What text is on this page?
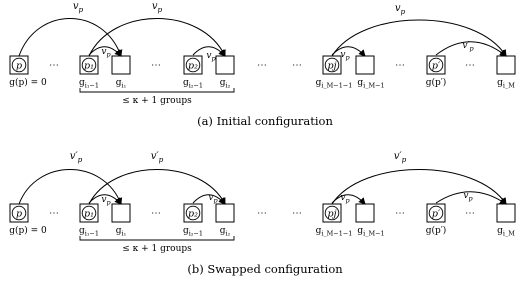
p	p₁	p₂	pj	p′
⋯	⋯	⋯	⋯	⋯	⋯
$v_p$	$v_p$	$v_p$
$v_p$	$v_p$	$v_p$
$v'_p$
g(p) = 0	$g_{i_1-1}$ $g_{i_1}$	$g_{i_2-1}$ $g_{i_2}$	$g_{i\_M-1-1}$ $g_{i\_M-1}$	g(p′)	$g_{i\_M}$
≤ κ + 1 groups
(a) Initial configuration
p	p₁	p₂	pj	p′
⋯	⋯	⋯	⋯	⋯	⋯
$v'_p$	$v'_p$	$v'_p$
$v_p$	$v_p$	$v_p$	$v_p$
g(p) = 0	$g_{i_1-1}$ $g_{i_1}$	$g_{i_2-1}$ $g_{i_2}$	$g_{i\_M-1-1}$ $g_{i\_M-1}$	g(p′)	$g_{i\_M}$
≤ κ + 1 groups
(b) Swapped configuration
